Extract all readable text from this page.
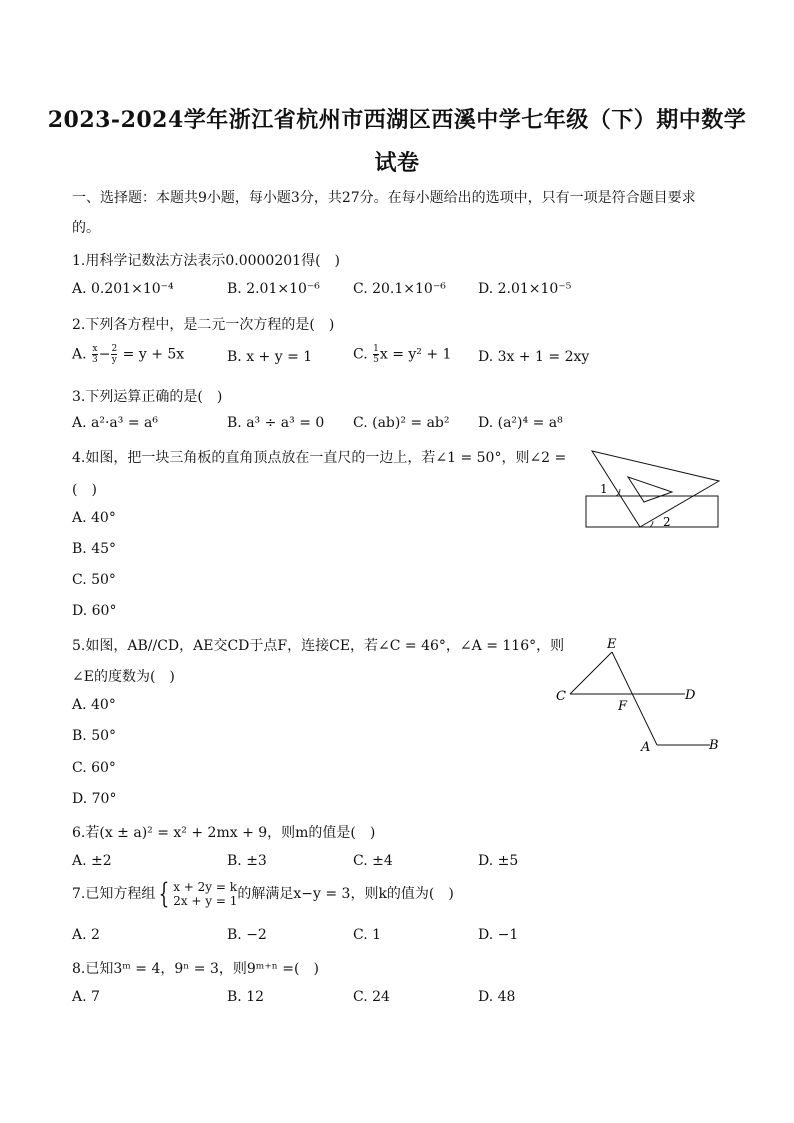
2023-2024学年浙江省杭州市西湖区西溪中学七年级（下）期中数学
试卷
一、选择题：本题共9小题，每小题3分，共27分。在每小题给出的选项中，只有一项是符合题目要求
的。
1.用科学记数法方法表示0.0000201得(　)
A. 0.201×10⁻⁴	B. 2.01×10⁻⁶ C. 20.1×10⁻⁶ D. 2.01×10⁻⁵
2.下列各方程中，是二元一次方程的是(　)
A. $\frac{x}{3} - \frac{2}{y} = y + 5x$	B. x + y = 1	C. $\frac{1}{5}$ x = y² + 1 D. 3x + 1 = 2xy
3.下列运算正确的是(　)
A. a²·a³ = a⁶	B. a³ ÷ a³ = 0 C. (ab)² = ab² D. (a²)⁴ = a⁸
4.如图，把一块三角板的直角顶点放在一直尺的一边上，若∠1 = 50°，则∠2 =
(　)
A. 40°
B. 45°
C. 50°
D. 60°
1
2
5.如图，AB//CD，AE交CD于点F，连接CE，若∠C = 46°，∠A = 116°，则
∠E的度数为(　)
A. 40°
B. 50°
C. 60°
D. 70°
E
C	D
F
A	B
6.若(x ± a)² = x² + 2mx + 9，则m的值是(　)
A. ±2	B. ±3	C. ±4	D. ±5
7.已知方程组 { x + 2y = k
2x + y = 1 的解满足x−y = 3，则k的值为(　)
A. 2	B. −2	C. 1	D. −1
8.已知3ᵐ = 4，9ⁿ = 3，则9ᵐ⁺ⁿ =(　)
A. 7	B. 12	C. 24	D. 48
